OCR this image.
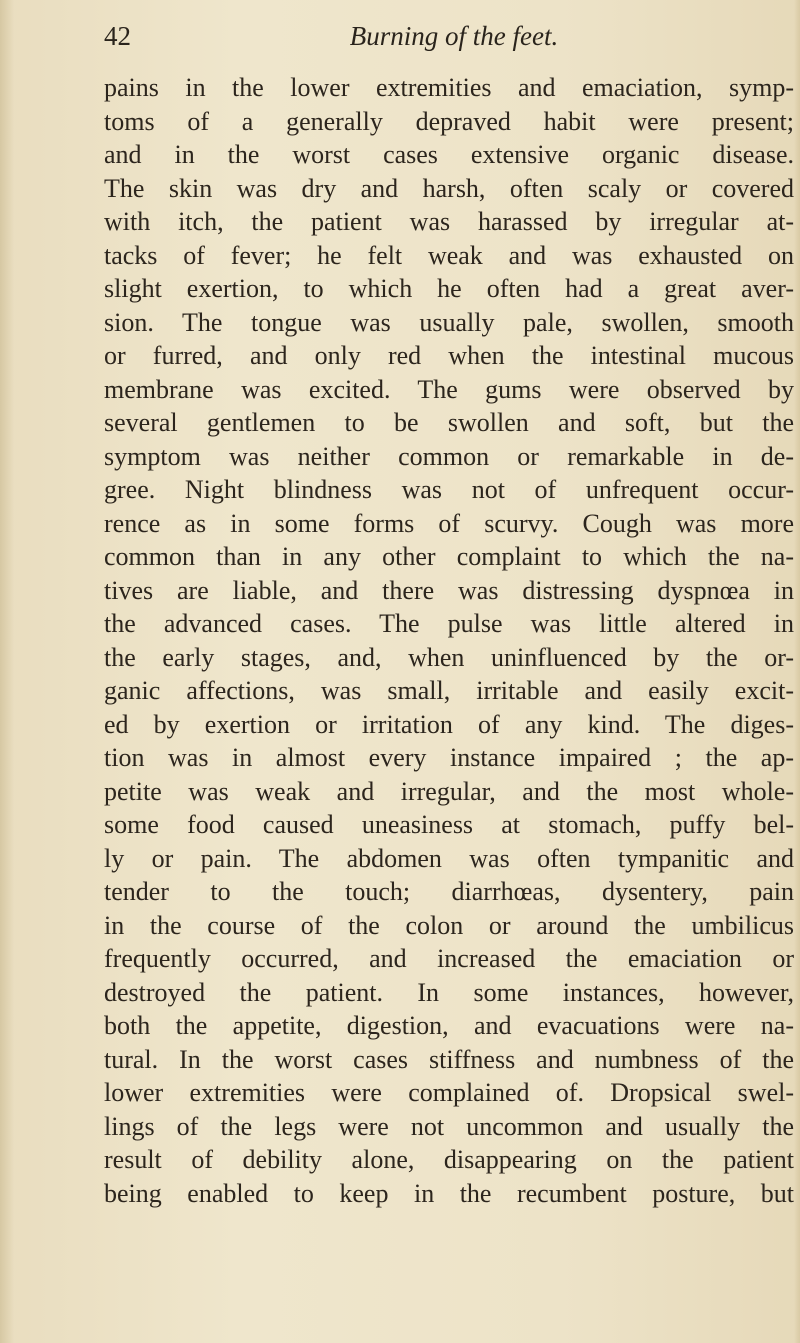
42	Burning of the feet.
pains in the lower extremities and emaciation, symp-
toms of a generally depraved habit were present;
and in the worst cases extensive organic disease.
The skin was dry and harsh, often scaly or covered
with itch, the patient was harassed by irregular at-
tacks of fever; he felt weak and was exhausted on
slight exertion, to which he often had a great aver-
sion. The tongue was usually pale, swollen, smooth
or furred, and only red when the intestinal mucous
membrane was excited. The gums were observed by
several gentlemen to be swollen and soft, but the
symptom was neither common or remarkable in de-
gree. Night blindness was not of unfrequent occur-
rence as in some forms of scurvy. Cough was more
common than in any other complaint to which the na-
tives are liable, and there was distressing dyspnœa in
the advanced cases. The pulse was little altered in
the early stages, and, when uninfluenced by the or-
ganic affections, was small, irritable and easily excit-
ed by exertion or irritation of any kind. The diges-
tion was in almost every instance impaired ; the ap-
petite was weak and irregular, and the most whole-
some food caused uneasiness at stomach, puffy bel-
ly or pain. The abdomen was often tympanitic and
tender to the touch; diarrhœas, dysentery, pain
in the course of the colon or around the umbilicus
frequently occurred, and increased the emaciation or
destroyed the patient. In some instances, however,
both the appetite, digestion, and evacuations were na-
tural. In the worst cases stiffness and numbness of the
lower extremities were complained of. Dropsical swel-
lings of the legs were not uncommon and usually the
result of debility alone, disappearing on the patient
being enabled to keep in the recumbent posture, but
